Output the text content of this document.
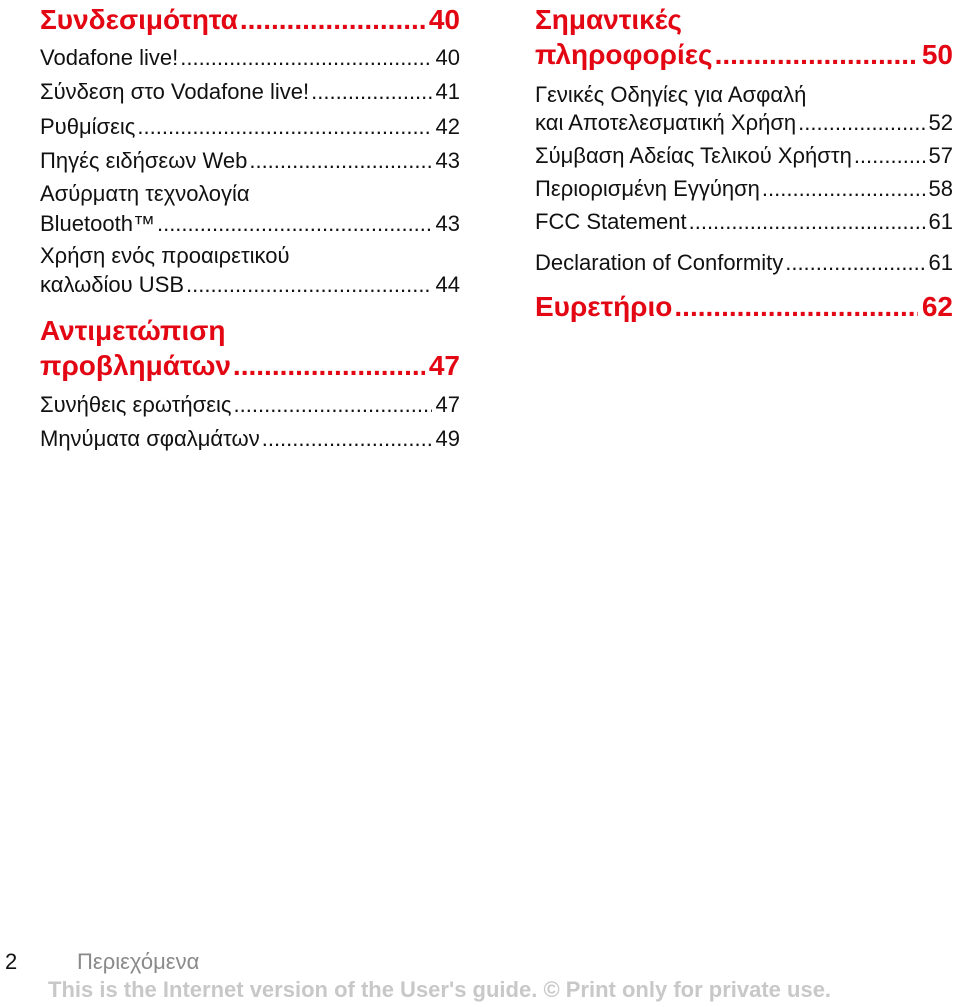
Συνδεσιμότητα .....	40
Vodafone live! .....	40
Σύνδεση στο Vodafone live! .....	41
Ρυθμίσεις .....	42
Πηγές ειδήσεων Web .....	43
Ασύρματη τεχνολογία
Bluetooth™ .....	43
Χρήση ενός προαιρετικού
καλωδίου USB .....	44
Αντιμετώπιση
προβλημάτων .....	47
Συνήθεις ερωτήσεις .....	47
Μηνύματα σφαλμάτων .....	49
Σημαντικές
πληροφορίες .....	50
Γενικές Οδηγίες για Ασφαλή
και Αποτελεσματική Χρήση .....	52
Σύμβαση Αδείας Τελικού Χρήστη .....	57
Περιορισμένη Εγγύηση .....	58
FCC Statement .....	61
Declaration of Conformity .....	61
Ευρετήριο .....	62
2	Περιεχόμενα
This is the Internet version of the User's guide. © Print only for private use.
